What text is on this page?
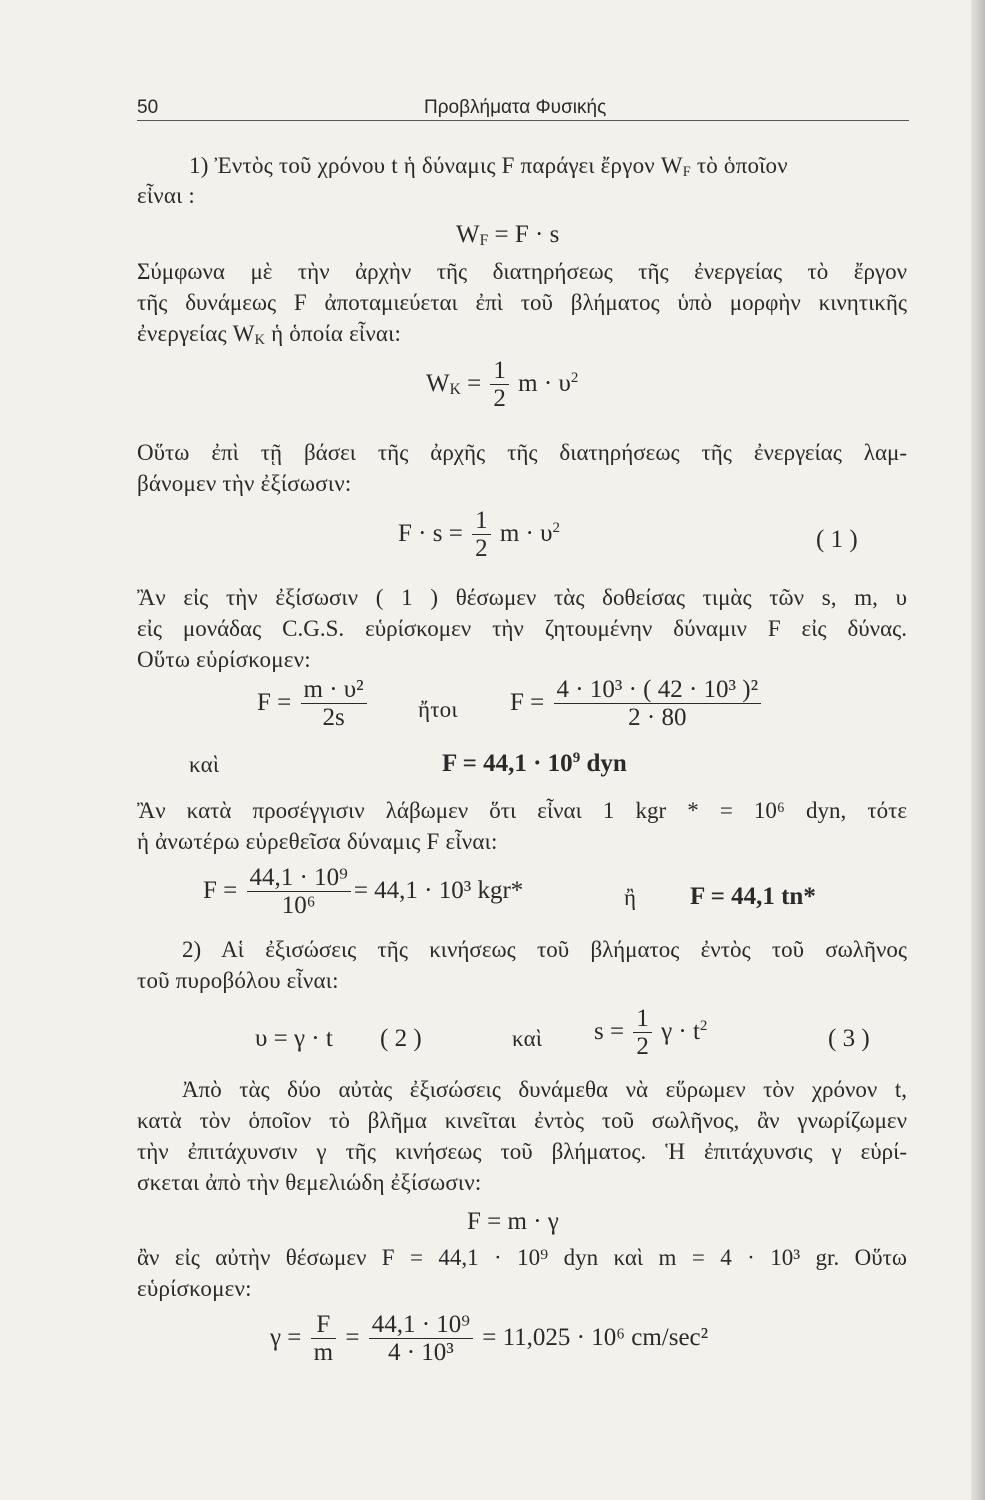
50	Προβλήματα Φυσικής
1) Ἐντὸς τοῦ χρόνου t ἡ δύναμις F παράγει ἔργον $W_F$ τὸ ὁποῖον
εἶναι :
$W_F = F \cdot s$
Σύμφωνα μὲ τὴν ἀρχὴν τῆς διατηρήσεως τῆς ἐνεργείας τὸ ἔργον
τῆς δυνάμεως F ἀποταμιεύεται ἐπὶ τοῦ βλήματος ὑπὸ μορφὴν κινητικῆς
ἐνεργείας $W_K$ ἡ ὁποία εἶναι:
$W_K = \frac{1}{2}$ $m \cdot \upsilon^2$
Οὕτω ἐπὶ τῇ βάσει τῆς ἀρχῆς τῆς διατηρήσεως τῆς ἐνεργείας λαμ-
βάνομεν τὴν ἐξίσωσιν:
$F \cdot s = \frac{1}{2}$ $m \cdot \upsilon^2$	( 1 )
Ἂν εἰς τὴν ἐξίσωσιν ( 1 ) θέσωμεν τὰς δοθείσας τιμὰς τῶν s, m, υ
εἰς μονάδας C.G.S. εὑρίσκομεν τὴν ζητουμένην δύναμιν F εἰς δύνας.
Οὕτω εὑρίσκομεν:
$F = \frac{\text{m · υ²}}{2s}$ ἤτοι $F = \frac{\text{4 · 10³ · ( 42 · 10³ )²}}{2 \cdot 80}$
καὶ	$F = 44,1 \cdot 10^9$ dyn
Ἂν κατὰ προσέγγισιν λάβωμεν ὅτι εἶναι 1 kgr * = 10⁶ dyn, τότε
ἡ ἀνωτέρω εὑρεθεῖσα δύναμις F εἶναι:
$F = \frac{\text{44,1 · 10⁹}}{\text{10⁶}} = 44,1 \cdot 10^3$ kgr*	ἢ F = 44,1 tn*
2) Αἱ ἐξισώσεις τῆς κινήσεως τοῦ βλήματος ἐντὸς τοῦ σωλῆνος
τοῦ πυροβόλου εἶναι:
υ = γ · t ( 2 )	καὶ $s = \frac{1}{2}$ $\gamma \cdot t^2$	( 3 )
Ἀπὸ τὰς δύο αὐτὰς ἐξισώσεις δυνάμεθα νὰ εὕρωμεν τὸν χρόνον t,
κατὰ τὸν ὁποῖον τὸ βλῆμα κινεῖται ἐντὸς τοῦ σωλῆνος, ἂν γνωρίζωμεν
τὴν ἐπιτάχυνσιν γ τῆς κινήσεως τοῦ βλήματος. Ἡ ἐπιτάχυνσις γ εὑρί-
σκεται ἀπὸ τὴν θεμελιώδη ἐξίσωσιν:
F = m · γ
ἂν εἰς αὐτὴν θέσωμεν F = 44,1 · 10⁹ dyn καὶ m = 4 · 10³ gr. Οὕτω
εὑρίσκομεν:
$\gamma = \frac{F}{m} = \frac{\text{44,1 · 10⁹}}{\text{4 · 10³}} = 11,025 \cdot 10^6$ cm/sec²
